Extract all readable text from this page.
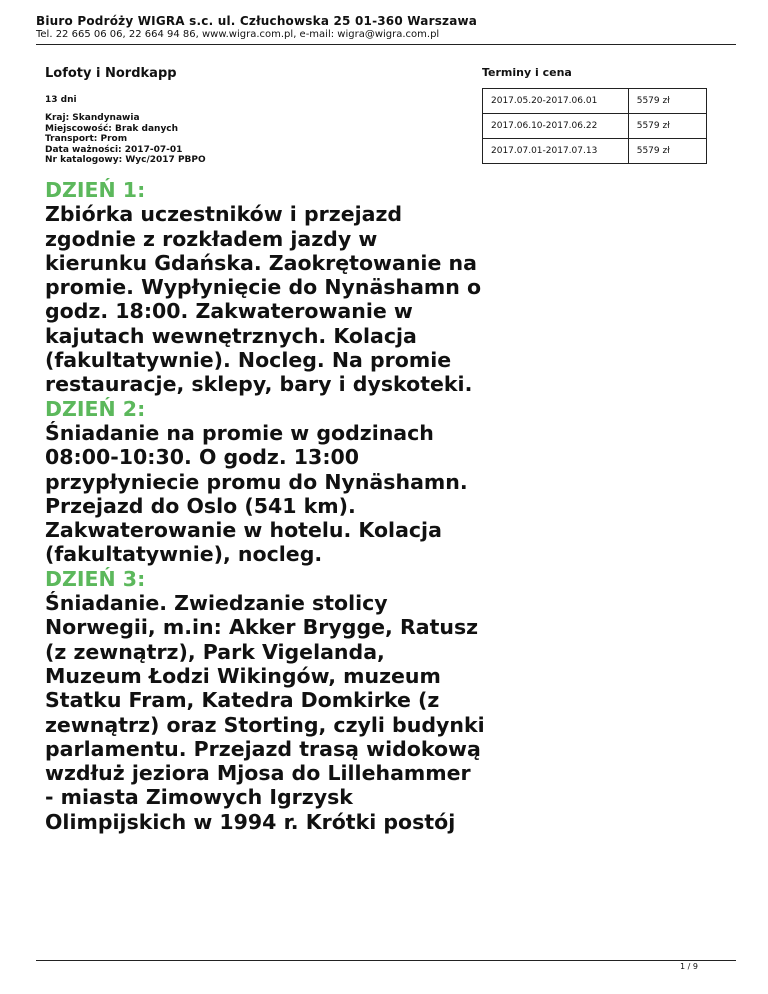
Biuro Podróży WIGRA s.c. ul. Człuchowska 25 01-360 Warszawa
Tel. 22 665 06 06, 22 664 94 86, www.wigra.com.pl, e-mail: wigra@wigra.com.pl
Lofoty i Nordkapp
13 dni
Kraj: Skandynawia
Miejscowość: Brak danych
Transport: Prom
Data ważności: 2017-07-01
Nr katalogowy: Wyc/2017 PBPO
Terminy i cena
2017.05.20-2017.06.01	5579 zł
2017.06.10-2017.06.22	5579 zł
2017.07.01-2017.07.13	5579 zł
DZIEŃ 1:
Zbiórka uczestników i przejazd zgodnie z rozkładem jazdy w kierunku Gdańska. Zaokrętowanie na promie. Wypłynięcie do Nynäshamn o godz. 18:00. Zakwaterowanie w kajutach wewnętrznych. Kolacja (fakultatywnie). Nocleg. Na promie restauracje, sklepy, bary i dyskoteki.
DZIEŃ 2:
Śniadanie na promie w godzinach 08:00-10:30. O godz. 13:00 przypłyniecie promu do Nynäshamn. Przejazd do Oslo (541 km). Zakwaterowanie w hotelu. Kolacja (fakultatywnie), nocleg.
DZIEŃ 3:
Śniadanie. Zwiedzanie stolicy Norwegii, m.in: Akker Brygge, Ratusz (z zewnątrz), Park Vigelanda, Muzeum Łodzi Wikingów, muzeum Statku Fram, Katedra Domkirke (z zewnątrz) oraz Storting, czyli budynki parlamentu. Przejazd trasą widokową wzdłuż jeziora Mjosa do Lillehammer - miasta Zimowych Igrzysk Olimpijskich w 1994 r. Krótki postój
1 / 9
